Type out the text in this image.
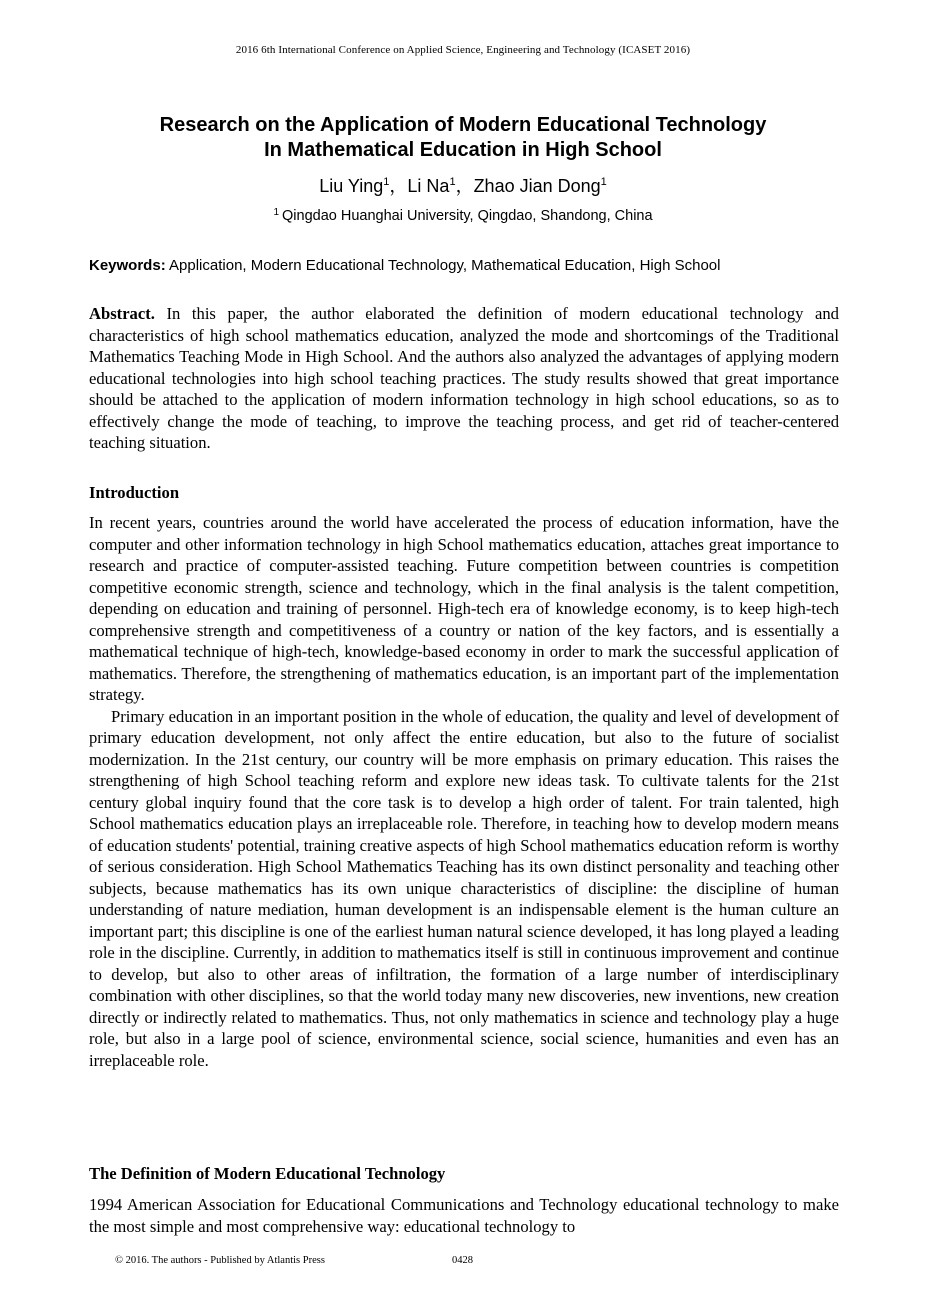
2016 6th International Conference on Applied Science, Engineering and Technology (ICASET 2016)
Research on the Application of Modern Educational Technology
In Mathematical Education in High School
Liu Ying$^1$，Li Na$^1$，Zhao Jian Dong$^1$
$^1$ Qingdao Huanghai University, Qingdao, Shandong, China
Keywords: Application, Modern Educational Technology, Mathematical Education, High School

Abstract. In this paper, the author elaborated the definition of modern educational technology and characteristics of high school mathematics education, analyzed the mode and shortcomings of the Traditional Mathematics Teaching Mode in High School. And the authors also analyzed the advantages of applying modern educational technologies into high school teaching practices. The study results showed that great importance should be attached to the application of modern information technology in high school educations, so as to effectively change the mode of teaching, to improve the teaching process, and get rid of teacher-centered teaching situation.

Introduction

In recent years, countries around the world have accelerated the process of education information, have the computer and other information technology in high School mathematics education, attaches great importance to research and practice of computer-assisted teaching. Future competition between countries is competition competitive economic strength, science and technology, which in the final analysis is the talent competition, depending on education and training of personnel. High-tech era of knowledge economy, is to keep high-tech comprehensive strength and competitiveness of a country or nation of the key factors, and is essentially a mathematical technique of high-tech, knowledge-based economy in order to mark the successful application of mathematics. Therefore, the strengthening of mathematics education, is an important part of the implementation strategy.

Primary education in an important position in the whole of education, the quality and level of development of primary education development, not only affect the entire education, but also to the future of socialist modernization. In the 21st century, our country will be more emphasis on primary education. This raises the strengthening of high School teaching reform and explore new ideas task. To cultivate talents for the 21st century global inquiry found that the core task is to develop a high order of talent. For train talented, high School mathematics education plays an irreplaceable role. Therefore, in teaching how to develop modern means of education students' potential, training creative aspects of high School mathematics education reform is worthy of serious consideration. High School Mathematics Teaching has its own distinct personality and teaching other subjects, because mathematics has its own unique characteristics of discipline: the discipline of human understanding of nature mediation, human development is an indispensable element is the human culture an important part; this discipline is one of the earliest human natural science developed, it has long played a leading role in the discipline. Currently, in addition to mathematics itself is still in continuous improvement and continue to develop, but also to other areas of infiltration, the formation of a large number of interdisciplinary combination with other disciplines, so that the world today many new discoveries, new inventions, new creation directly or indirectly related to mathematics. Thus, not only mathematics in science and technology play a huge role, but also in a large pool of science, environmental science, social science, humanities and even has an irreplaceable role.

The Definition of Modern Educational Technology

1994 American Association for Educational Communications and Technology educational technology to make the most simple and most comprehensive way: educational technology to

© 2016. The authors - Published by Atlantis Press	0428
